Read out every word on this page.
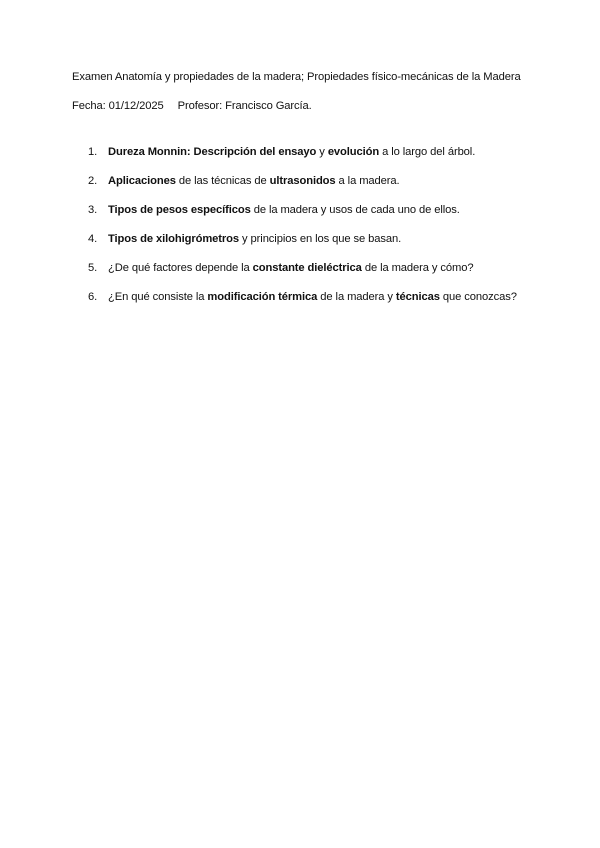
Examen Anatomía y propiedades de la madera; Propiedades físico-mecánicas de la Madera
Fecha: 01/12/2025 Profesor: Francisco García.
1. Dureza Monnin: Descripción del ensayo y evolución a lo largo del árbol.
2. Aplicaciones de las técnicas de ultrasonidos a la madera.
3. Tipos de pesos específicos de la madera y usos de cada uno de ellos.
4. Tipos de xilohigrómetros y principios en los que se basan.
5. ¿De qué factores depende la constante dieléctrica de la madera y cómo?
6. ¿En qué consiste la modificación térmica de la madera y técnicas que conozcas?
